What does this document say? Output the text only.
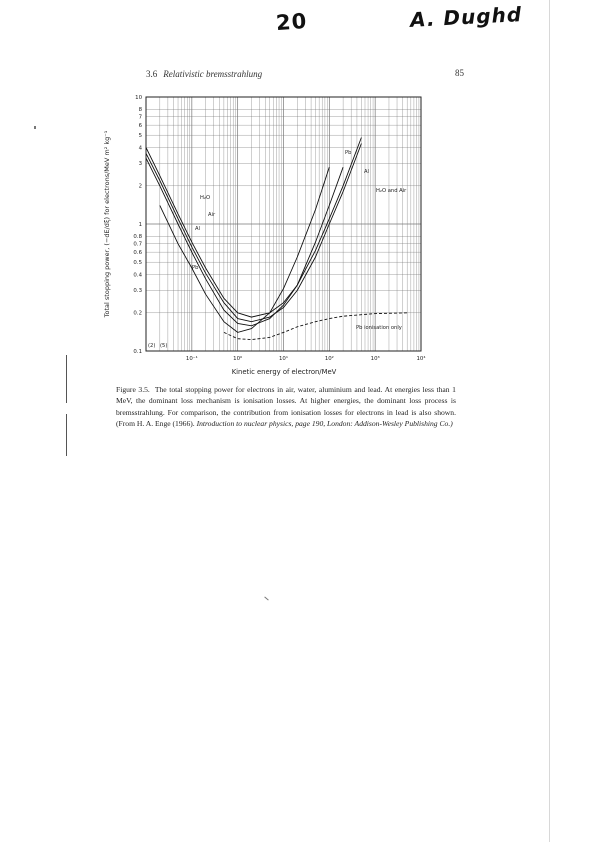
20	A. Dughd
3.6 Relativistic bremsstrahlung	85
0.1
0.2
0.3
0.4
0.5
0.6
0.7
0.8
1
2
3
4
5
6
7
8
10
10⁻¹	10⁰	10¹	10²	10³	10⁴
Pb
Al
H₂O and Air
H₂O
Air
Al
Pb
Pb ionisation only
(2) (5)
Kinetic energy of electron/MeV
Total stopping power, (−dE/dξ) for electrons/MeV m² kg⁻¹
Figure 3.5. The total stopping power for electrons in air, water, aluminium and lead. At energies less than 1 MeV, the dominant loss mechanism is ionisation losses. At higher energies, the dominant loss process is bremsstrahlung. For comparison, the contribution from ionisation losses for electrons in lead is also shown. (From H. A. Enge (1966). Introduction to nuclear physics, page 190, London: Addison-Wesley Publishing Co.)
